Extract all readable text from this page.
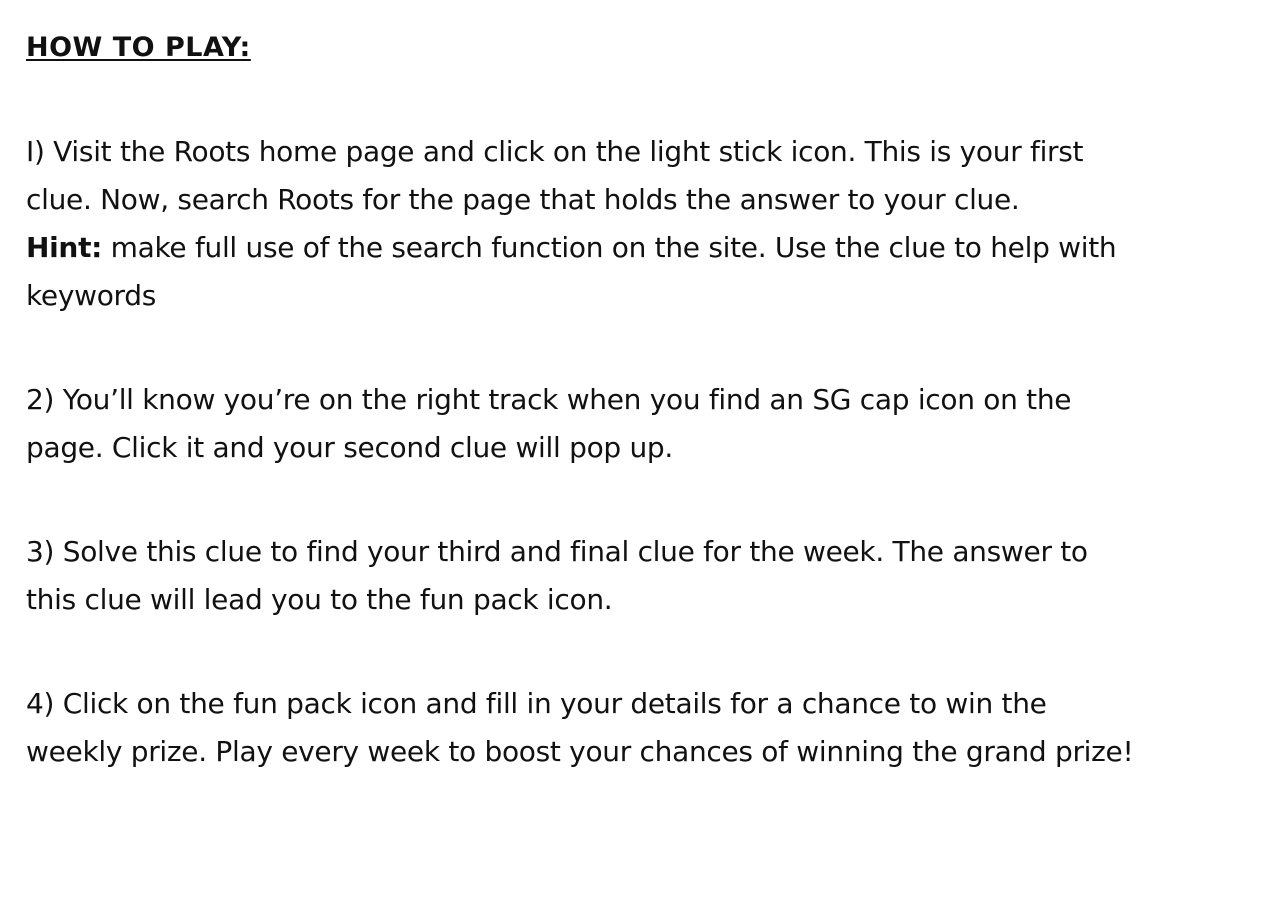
HOW TO PLAY:
I) Visit the Roots home page and click on the light stick icon. This is your first clue. Now, search Roots for the page that holds the answer to your clue.
Hint: make full use of the search function on the site. Use the clue to help with keywords
2) You’ll know you’re on the right track when you find an SG cap icon on the page. Click it and your second clue will pop up.
3) Solve this clue to find your third and final clue for the week. The answer to this clue will lead you to the fun pack icon.
4) Click on the fun pack icon and fill in your details for a chance to win the weekly prize. Play every week to boost your chances of winning the grand prize!
